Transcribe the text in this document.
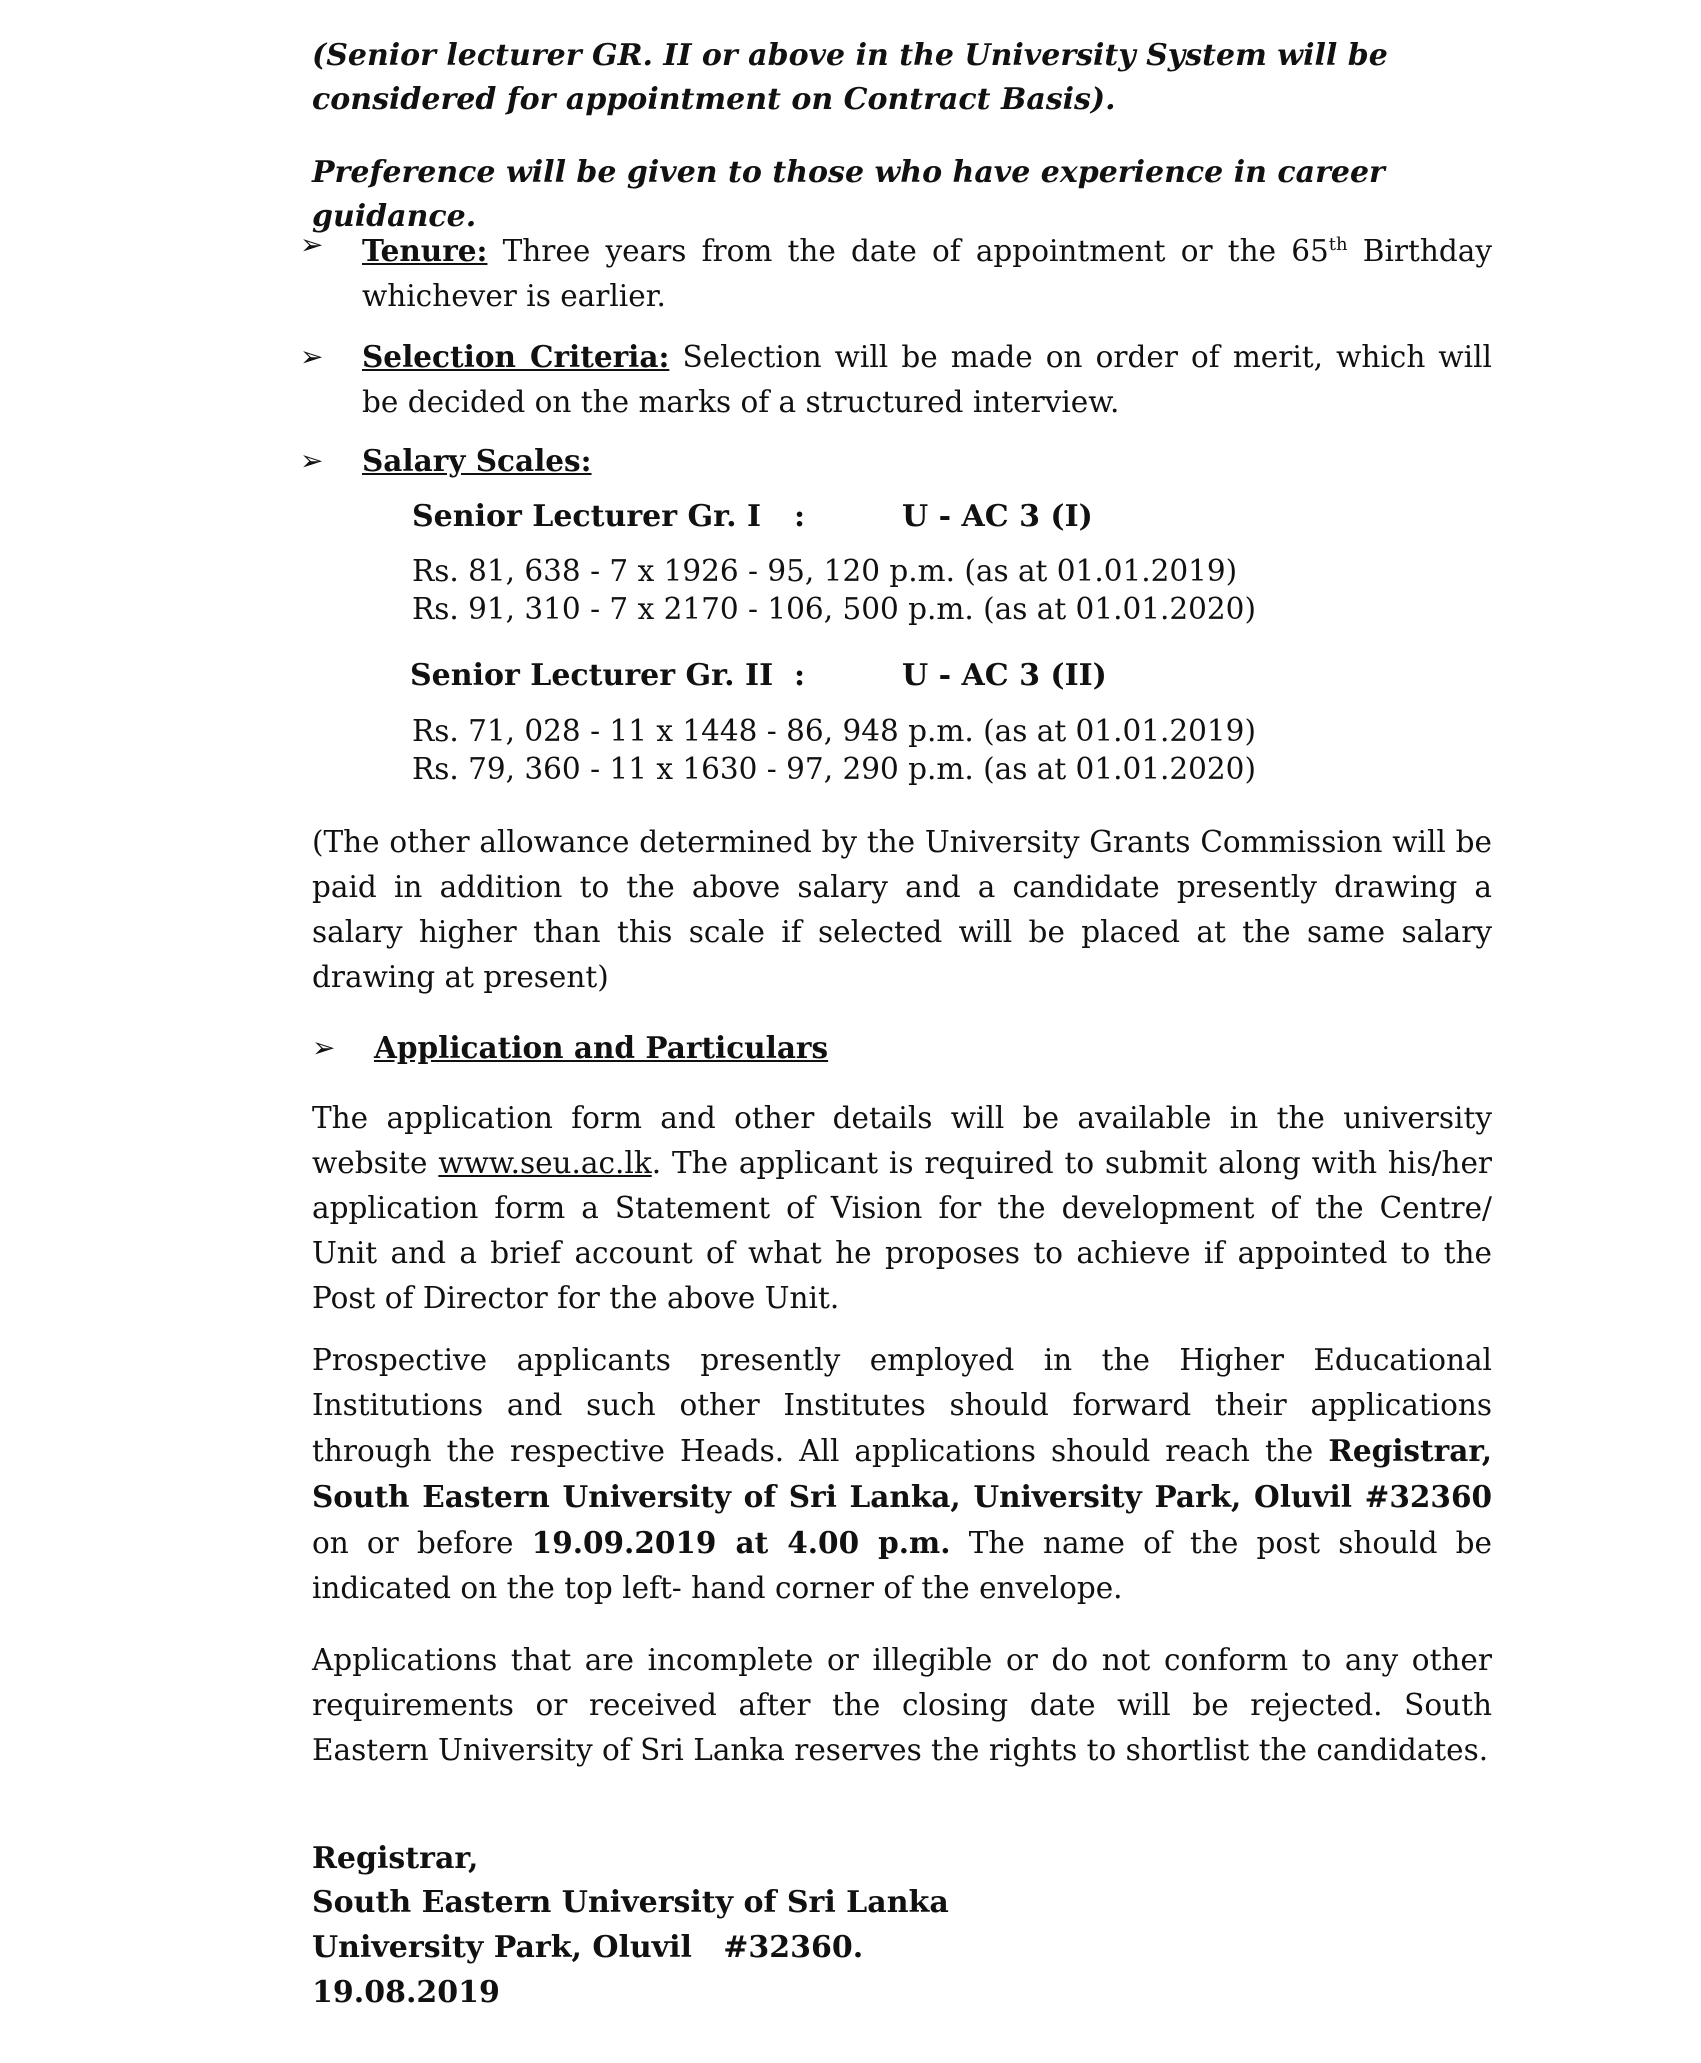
(Senior lecturer GR. II or above in the University System will be considered for appointment on Contract Basis).

Preference will be given to those who have experience in career guidance.

➢ Tenure: Three years from the date of appointment or the 65th Birthday whichever is earlier.

➢ Selection Criteria: Selection will be made on order of merit, which will be decided on the marks of a structured interview.

➢ Salary Scales:

Senior Lecturer Gr. I :	U - AC 3 (I)
Rs. 81, 638 - 7 x 1926 - 95, 120 p.m. (as at 01.01.2019)
Rs. 91, 310 - 7 x 2170 - 106, 500 p.m. (as at 01.01.2020)
Senior Lecturer Gr. II :	U - AC 3 (II)
Rs. 71, 028 - 11 x 1448 - 86, 948 p.m. (as at 01.01.2019)
Rs. 79, 360 - 11 x 1630 - 97, 290 p.m. (as at 01.01.2020)

(The other allowance determined by the University Grants Commission will be paid in addition to the above salary and a candidate presently drawing a salary higher than this scale if selected will be placed at the same salary drawing at present)

➢ Application and Particulars

The application form and other details will be available in the university website www.seu.ac.lk. The applicant is required to submit along with his/her application form a Statement of Vision for the development of the Centre/ Unit and a brief account of what he proposes to achieve if appointed to the Post of Director for the above Unit.

Prospective applicants presently employed in the Higher Educational Institutions and such other Institutes should forward their applications through the respective Heads. All applications should reach the Registrar, South Eastern University of Sri Lanka, University Park, Oluvil #32360 on or before 19.09.2019 at 4.00 p.m. The name of the post should be indicated on the top left- hand corner of the envelope.

Applications that are incomplete or illegible or do not conform to any other requirements or received after the closing date will be rejected. South Eastern University of Sri Lanka reserves the rights to shortlist the candidates.

Registrar,
South Eastern University of Sri Lanka
University Park, Oluvil   #32360.
19.08.2019
